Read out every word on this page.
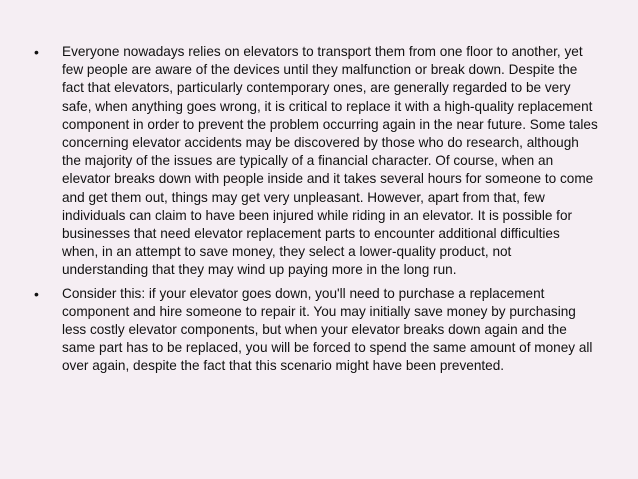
• Everyone nowadays relies on elevators to transport them from one floor to another, yet few people are aware of the devices until they malfunction or break down. Despite the fact that elevators, particularly contemporary ones, are generally regarded to be very safe, when anything goes wrong, it is critical to replace it with a high-quality replacement component in order to prevent the problem occurring again in the near future. Some tales concerning elevator accidents may be discovered by those who do research, although the majority of the issues are typically of a financial character. Of course, when an elevator breaks down with people inside and it takes several hours for someone to come and get them out, things may get very unpleasant. However, apart from that, few individuals can claim to have been injured while riding in an elevator. It is possible for businesses that need elevator replacement parts to encounter additional difficulties when, in an attempt to save money, they select a lower-quality product, not understanding that they may wind up paying more in the long run.
• Consider this: if your elevator goes down, you'll need to purchase a replacement component and hire someone to repair it. You may initially save money by purchasing less costly elevator components, but when your elevator breaks down again and the same part has to be replaced, you will be forced to spend the same amount of money all over again, despite the fact that this scenario might have been prevented.
